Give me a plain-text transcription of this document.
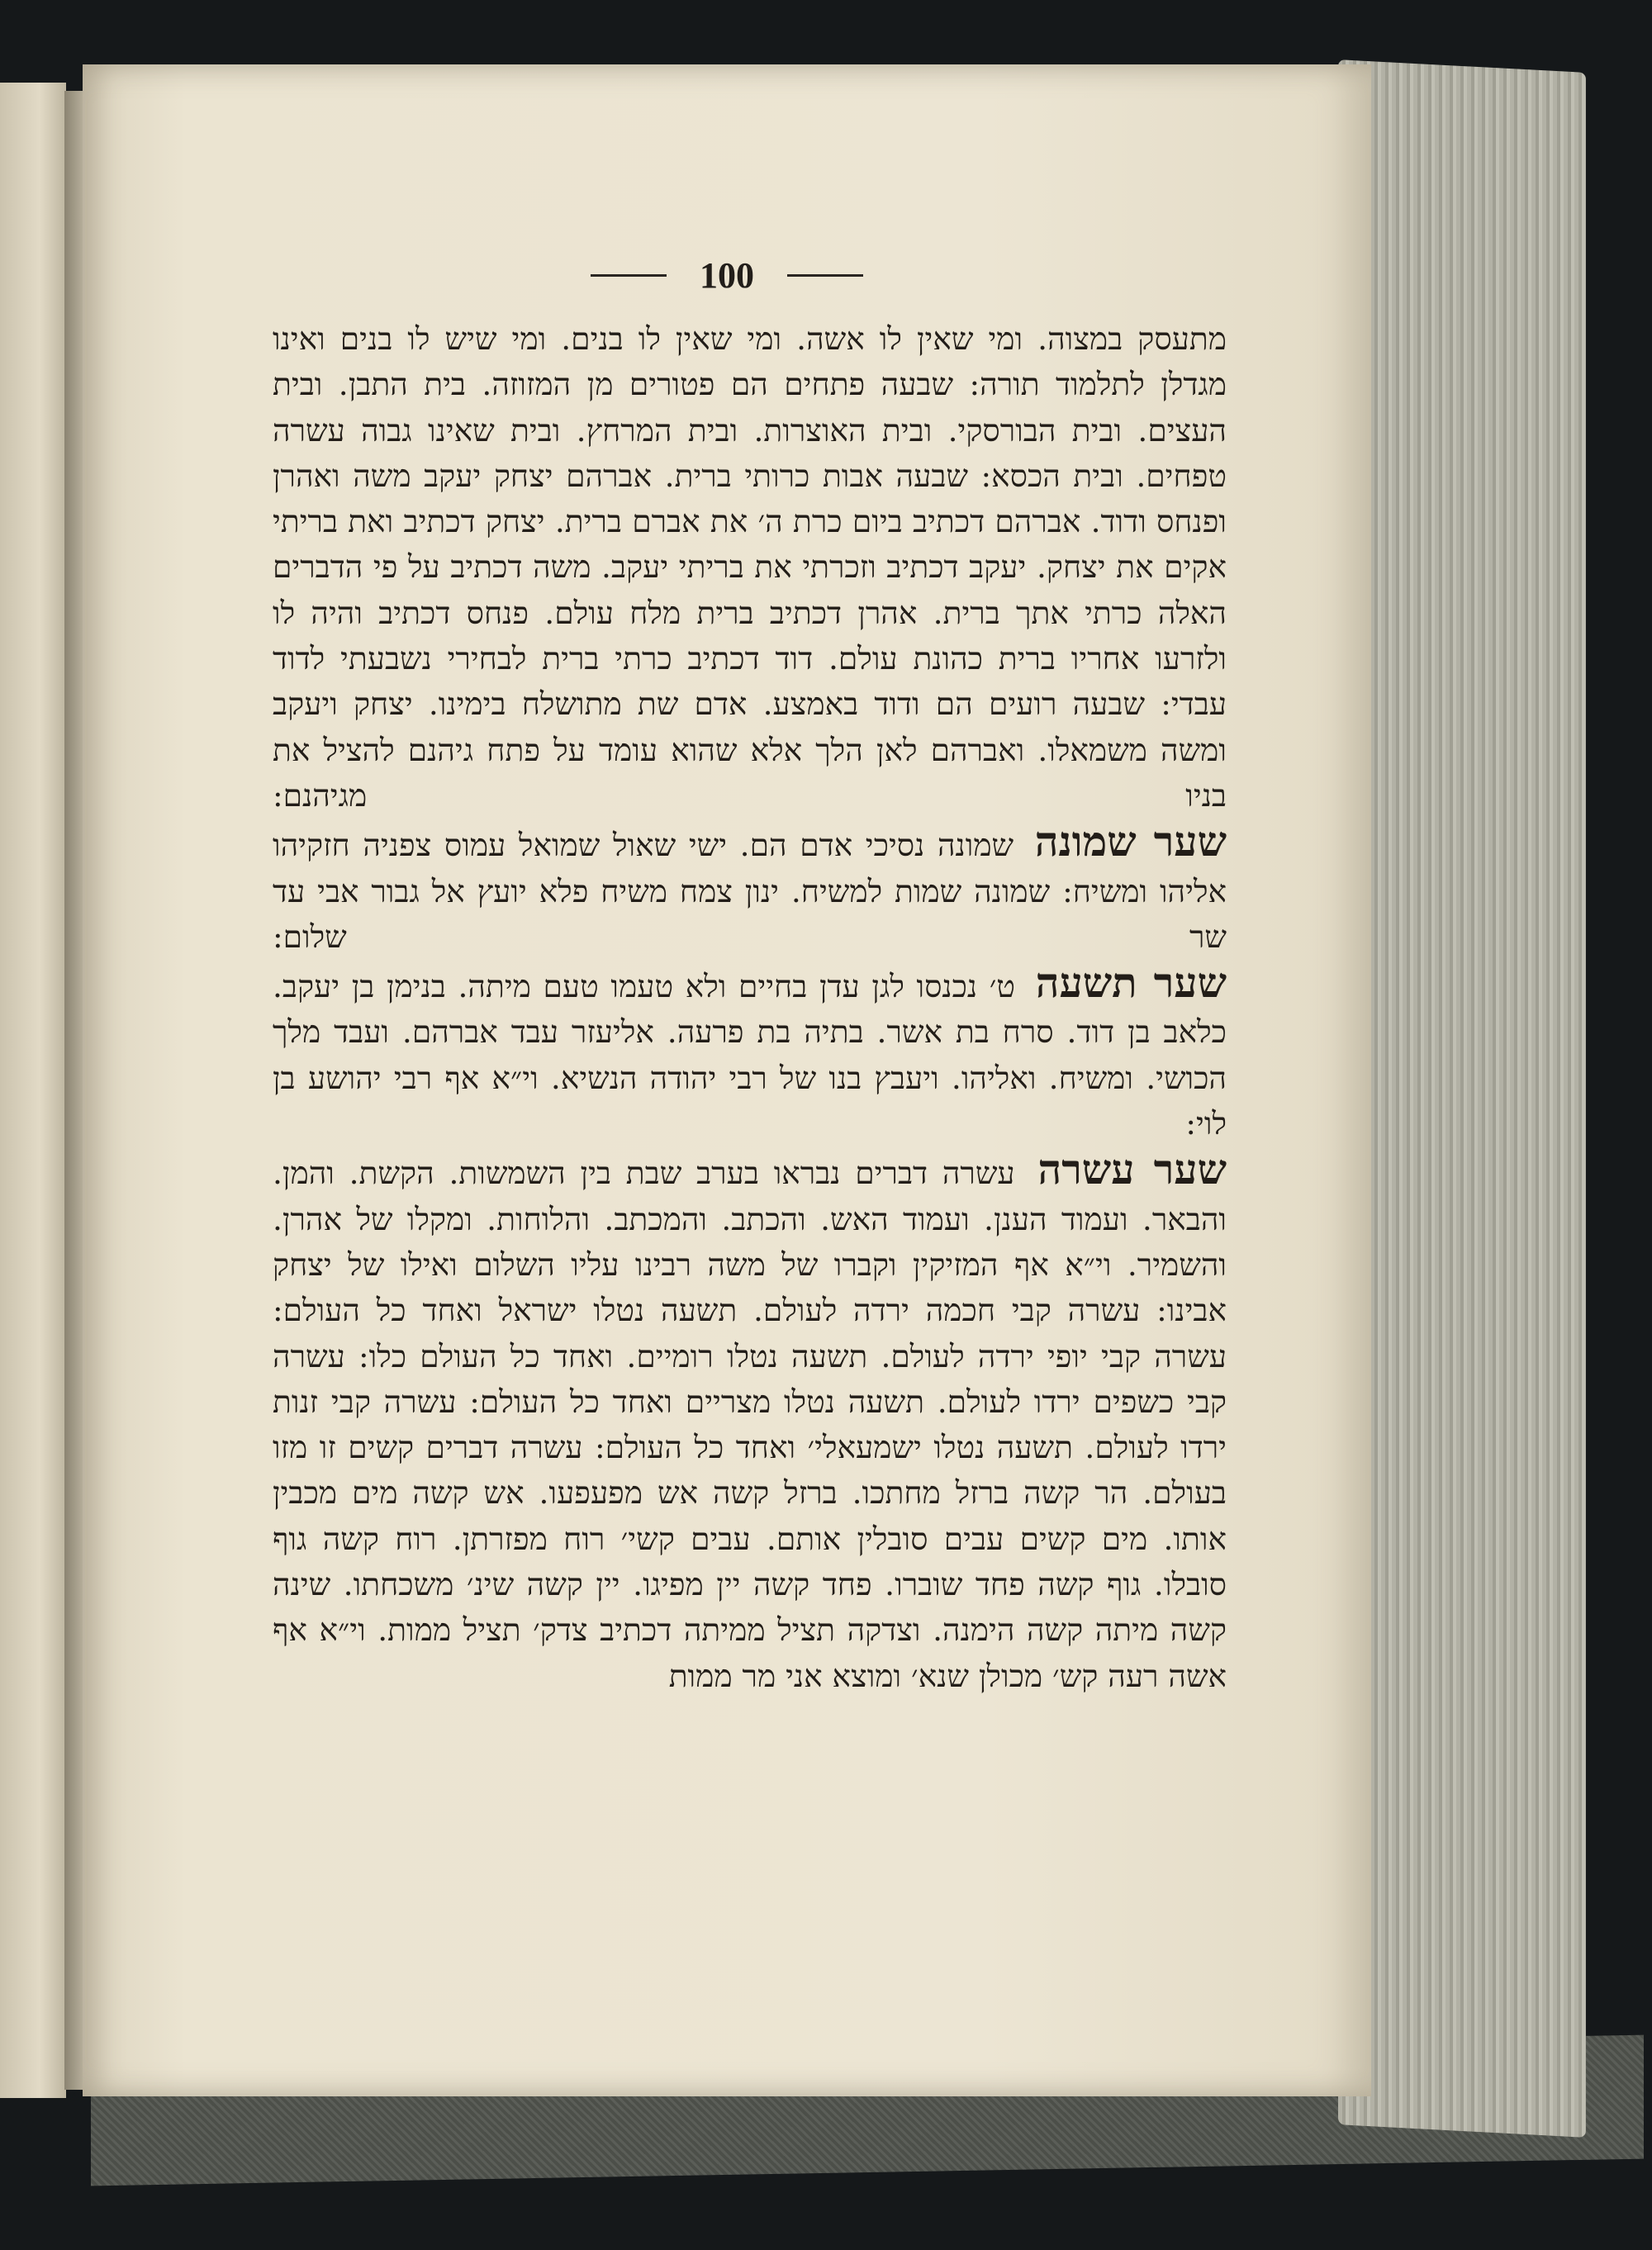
100

מתעסק במצוה. ומי שאין לו אשה. ומי שאין לו בנים. ומי שיש לו בנים ואינו מגדלן לתלמוד תורה: שבעה פתחים הם פטורים מן המזוזה. בית התבן. ובית העצים. ובית הבורסקי. ובית האוצרות. ובית המרחץ. ובית שאינו גבוה עשרה טפחים. ובית הכסא: שבעה אבות כרותי ברית. אברהם יצחק יעקב משה ואהרן ופנחס ודוד. אברהם דכתיב ביום כרת ה׳ את אברם ברית. יצחק דכתיב ואת בריתי אקים את יצחק. יעקב דכתיב וזכרתי את בריתי יעקב. משה דכתיב על פי הדברים האלה כרתי אתך ברית. אהרן דכתיב ברית מלח עולם. פנחס דכתיב והיה לו ולזרעו אחריו ברית כהונת עולם. דוד דכתיב כרתי ברית לבחירי נשבעתי לדוד עבדי: שבעה רועים הם ודוד באמצע. אדם שת מתושלח בימינו. יצחק ויעקב ומשה משמאלו. ואברהם לאן הלך אלא שהוא עומד על פתח גיהנם להציל את בניו מגיהנם:

שער שמונה שמונה נסיכי אדם הם. ישי שאול שמואל עמוס צפניה חזקיהו אליהו ומשיח: שמונה שמות למשיח. ינון צמח משיח פלא יועץ אל גבור אבי עד שר שלום:

שער תשעה ט׳ נכנסו לגן עדן בחיים ולא טעמו טעם מיתה. בנימן בן יעקב. כלאב בן דוד. סרח בת אשר. בתיה בת פרעה. אליעזר עבד אברהם. ועבד מלך הכושי. ומשיח. ואליהו. ויעבץ בנו של רבי יהודה הנשיא. וי״א אף רבי יהושע בן לוי:

שער עשרה עשרה דברים נבראו בערב שבת בין השמשות. הקשת. והמן. והבאר. ועמוד הענן. ועמוד האש. והכתב. והמכתב. והלוחות. ומקלו של אהרן. והשמיר. וי״א אף המזיקין וקברו של משה רבינו עליו השלום ואילו של יצחק אבינו: עשרה קבי חכמה ירדה לעולם. תשעה נטלו ישראל ואחד כל העולם: עשרה קבי יופי ירדה לעולם. תשעה נטלו רומיים. ואחד כל העולם כלו: עשרה קבי כשפים ירדו לעולם. תשעה נטלו מצריים ואחד כל העולם: עשרה קבי זנות ירדו לעולם. תשעה נטלו ישמעאלי׳ ואחד כל העולם: עשרה דברים קשים זו מזו בעולם. הר קשה ברזל מחתכו. ברזל קשה אש מפעפעו. אש קשה מים מכבין אותו. מים קשים עבים סובלין אותם. עבים קשי׳ רוח מפזרתן. רוח קשה גוף סובלו. גוף קשה פחד שוברו. פחד קשה יין מפיגו. יין קשה שינ׳ משכחתו. שינה קשה מיתה קשה הימנה. וצדקה תציל ממיתה דכתיב צדק׳ תציל ממות. וי״א אף אשה רעה קש׳ מכולן שנא׳ ומוצא אני מר ממות
